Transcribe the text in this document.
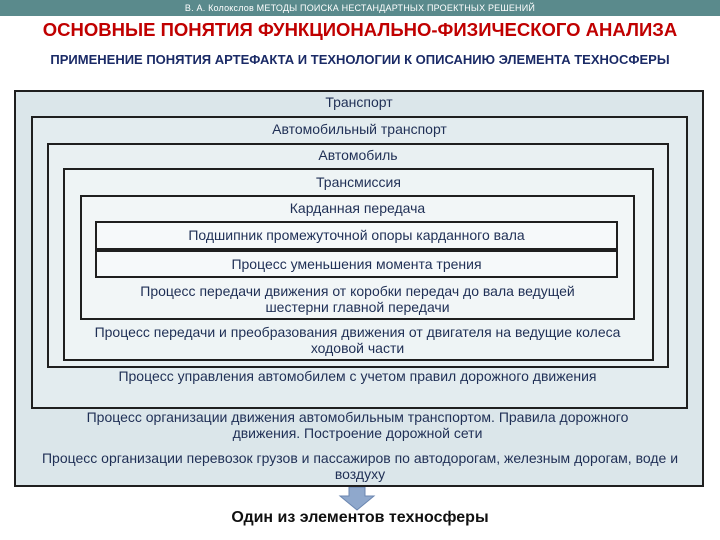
В. А. Колокслов МЕТОДЫ ПОИСКА НЕСТАНДАРТНЫХ ПРОЕКТНЫХ РЕШЕНИЙ
ОСНОВНЫЕ ПОНЯТИЯ ФУНКЦИОНАЛЬНО-ФИЗИЧЕСКОГО АНАЛИЗА
ПРИМЕНЕНИЕ ПОНЯТИЯ АРТЕФАКТА И ТЕХНОЛОГИИ К ОПИСАНИЮ ЭЛЕМЕНТА ТЕХНОСФЕРЫ
Транспорт
Автомобильный транспорт
Автомобиль
Трансмиссия
Карданная передача
Подшипник промежуточной опоры карданного вала
Процесс уменьшения момента трения
Процесс передачи движения от коробки передач до вала ведущей шестерни главной передачи
Процесс передачи и преобразования движения от двигателя на ведущие колеса ходовой части
Процесс управления автомобилем с учетом правил дорожного движения
Процесс организации движения автомобильным транспортом. Правила дорожного движения. Построение дорожной сети
Процесс организации перевозок грузов и пассажиров по автодорогам, железным дорогам, воде и воздуху
Один из элементов техносферы
